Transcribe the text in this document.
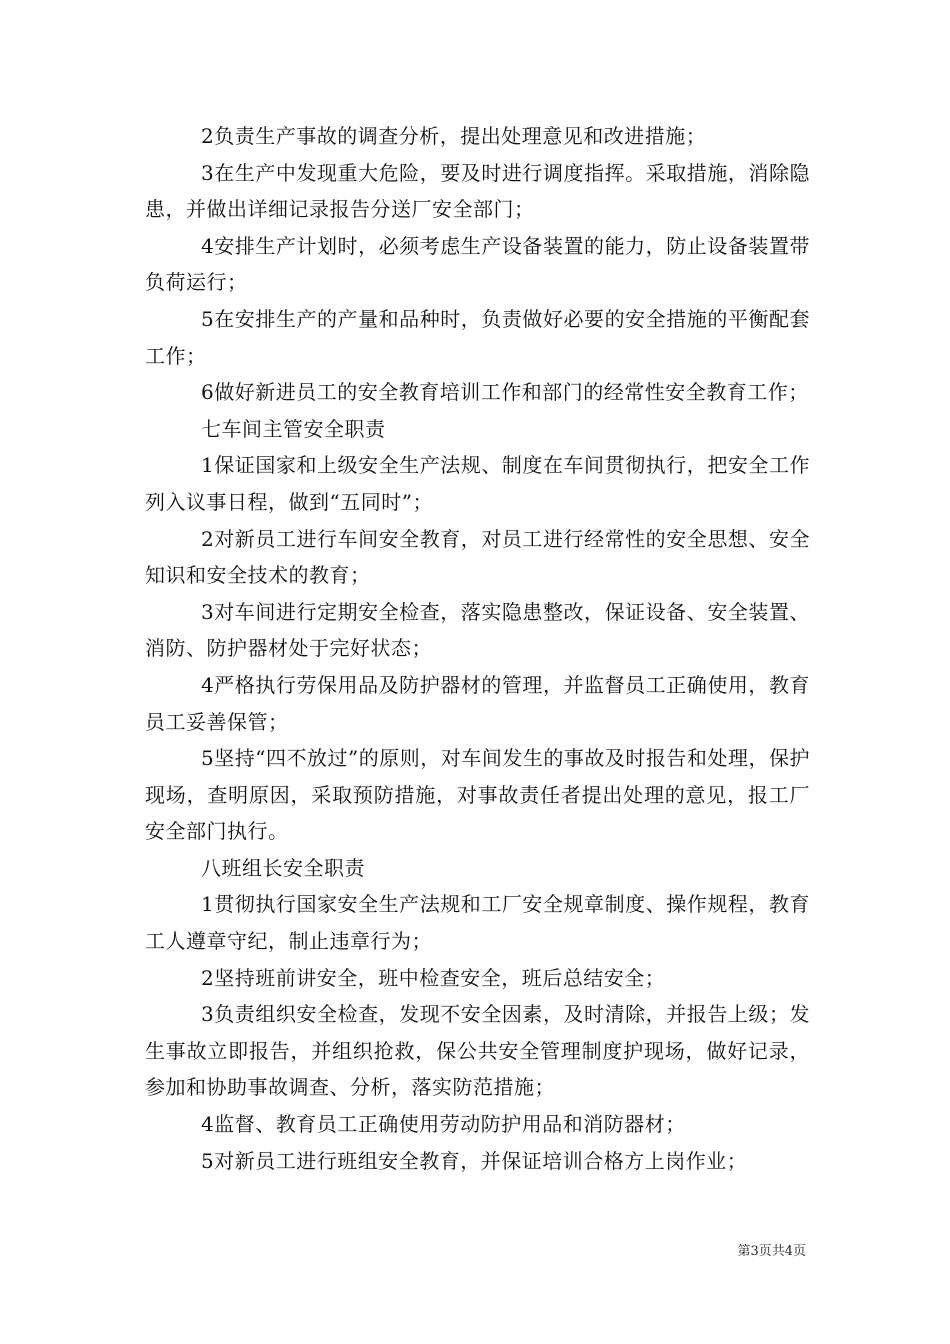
2负责生产事故的调查分析，提出处理意见和改进措施；

3在生产中发现重大危险，要及时进行调度指挥。采取措施，消除隐患，并做出详细记录报告分送厂安全部门；

4安排生产计划时，必须考虑生产设备装置的能力，防止设备装置带负荷运行；

5在安排生产的产量和品种时，负责做好必要的安全措施的平衡配套工作；

6做好新进员工的安全教育培训工作和部门的经常性安全教育工作；

七车间主管安全职责

1保证国家和上级安全生产法规、制度在车间贯彻执行，把安全工作列入议事日程，做到“五同时”；

2对新员工进行车间安全教育，对员工进行经常性的安全思想、安全知识和安全技术的教育；

3对车间进行定期安全检查，落实隐患整改，保证设备、安全装置、消防、防护器材处于完好状态；

4严格执行劳保用品及防护器材的管理，并监督员工正确使用，教育员工妥善保管；

5坚持“四不放过”的原则，对车间发生的事故及时报告和处理，保护现场，查明原因，采取预防措施，对事故责任者提出处理的意见，报工厂安全部门执行。

八班组长安全职责

1贯彻执行国家安全生产法规和工厂安全规章制度、操作规程，教育工人遵章守纪，制止违章行为；

2坚持班前讲安全，班中检查安全，班后总结安全；

3负责组织安全检查，发现不安全因素，及时清除，并报告上级；发生事故立即报告，并组织抢救，保公共安全管理制度护现场，做好记录，参加和协助事故调查、分析，落实防范措施；

4监督、教育员工正确使用劳动防护用品和消防器材；

5对新员工进行班组安全教育，并保证培训合格方上岗作业；

第3页共4页
